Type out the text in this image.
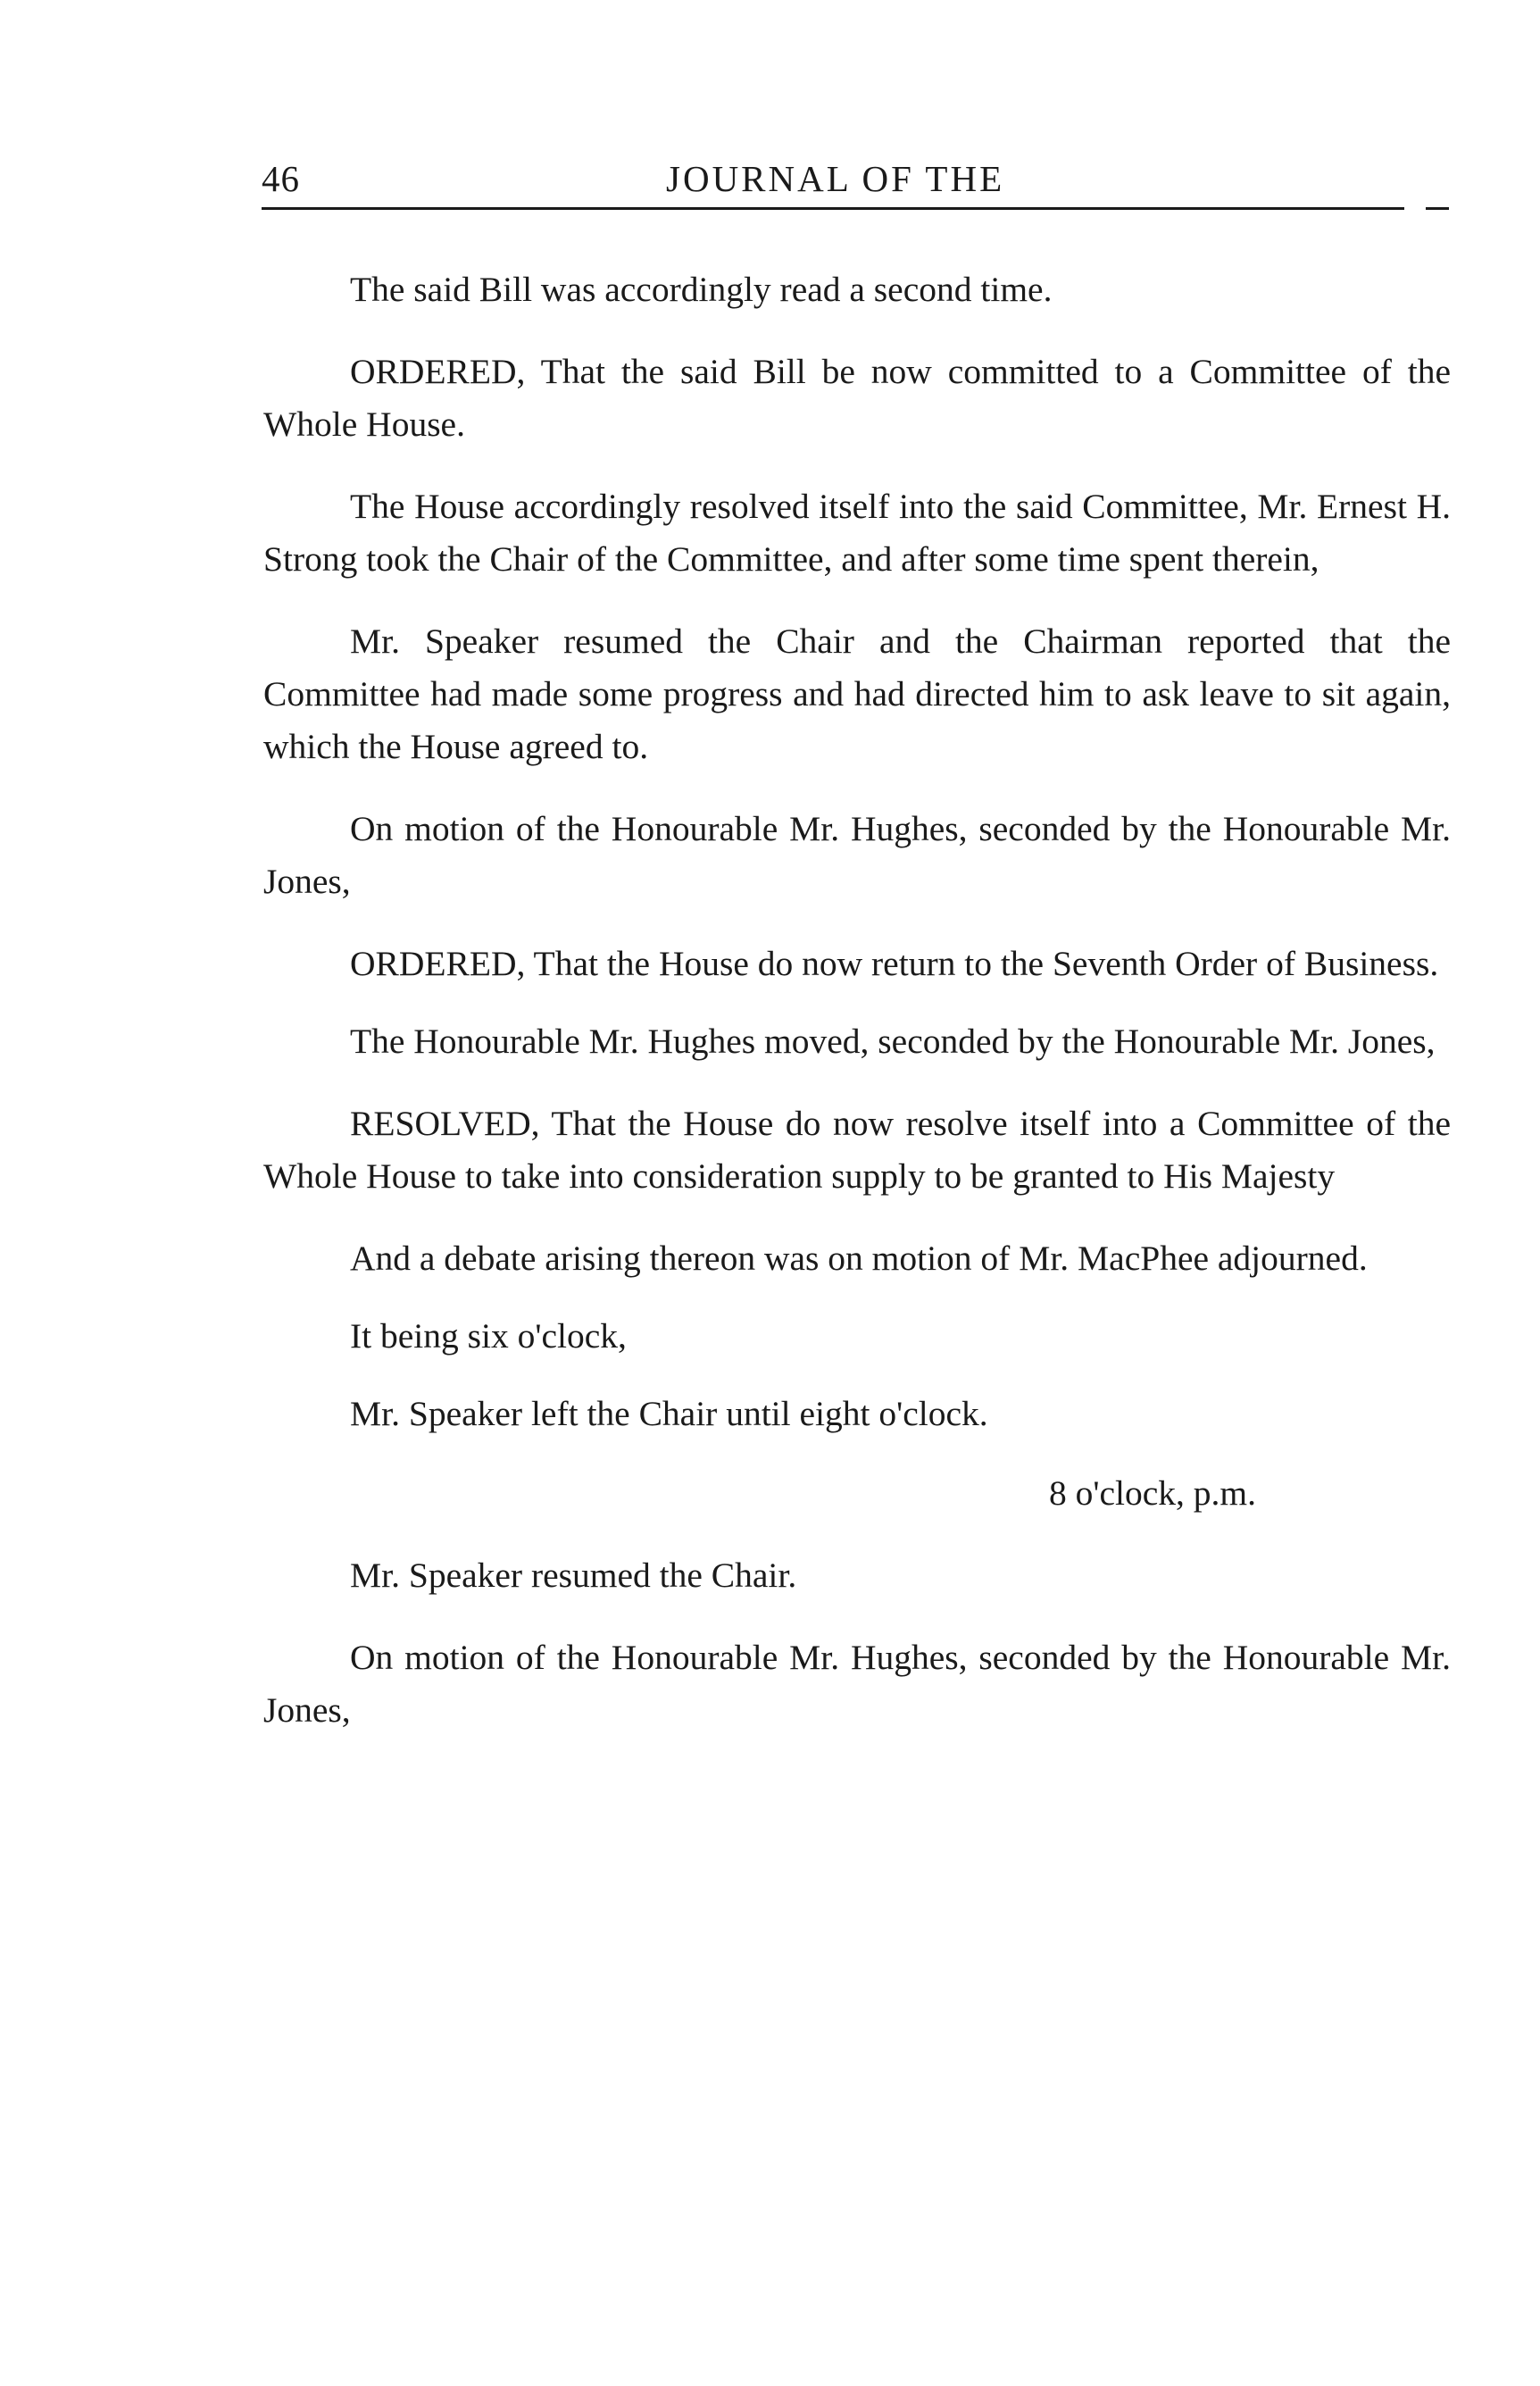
46	JOURNAL OF THE

The said Bill was accordingly read a second time.

ORDERED, That the said Bill be now committed to a Committee of the Whole House.

The House accordingly resolved itself into the said Committee, Mr. Ernest H. Strong took the Chair of the Committee, and after some time spent therein,

Mr. Speaker resumed the Chair and the Chairman reported that the Committee had made some progress and had directed him to ask leave to sit again, which the House agreed to.

On motion of the Honourable Mr. Hughes, seconded by the Honourable Mr. Jones,

ORDERED, That the House do now return to the Seventh Order of Business.

The Honourable Mr. Hughes moved, seconded by the Honourable Mr. Jones,

RESOLVED, That the House do now resolve itself into a Committee of the Whole House to take into consideration supply to be granted to His Majesty

And a debate arising thereon was on motion of Mr. MacPhee adjourned.

It being six o'clock,

Mr. Speaker left the Chair until eight o'clock.

8 o'clock, p.m.

Mr. Speaker resumed the Chair.

On motion of the Honourable Mr. Hughes, seconded by the Honourable Mr. Jones,
